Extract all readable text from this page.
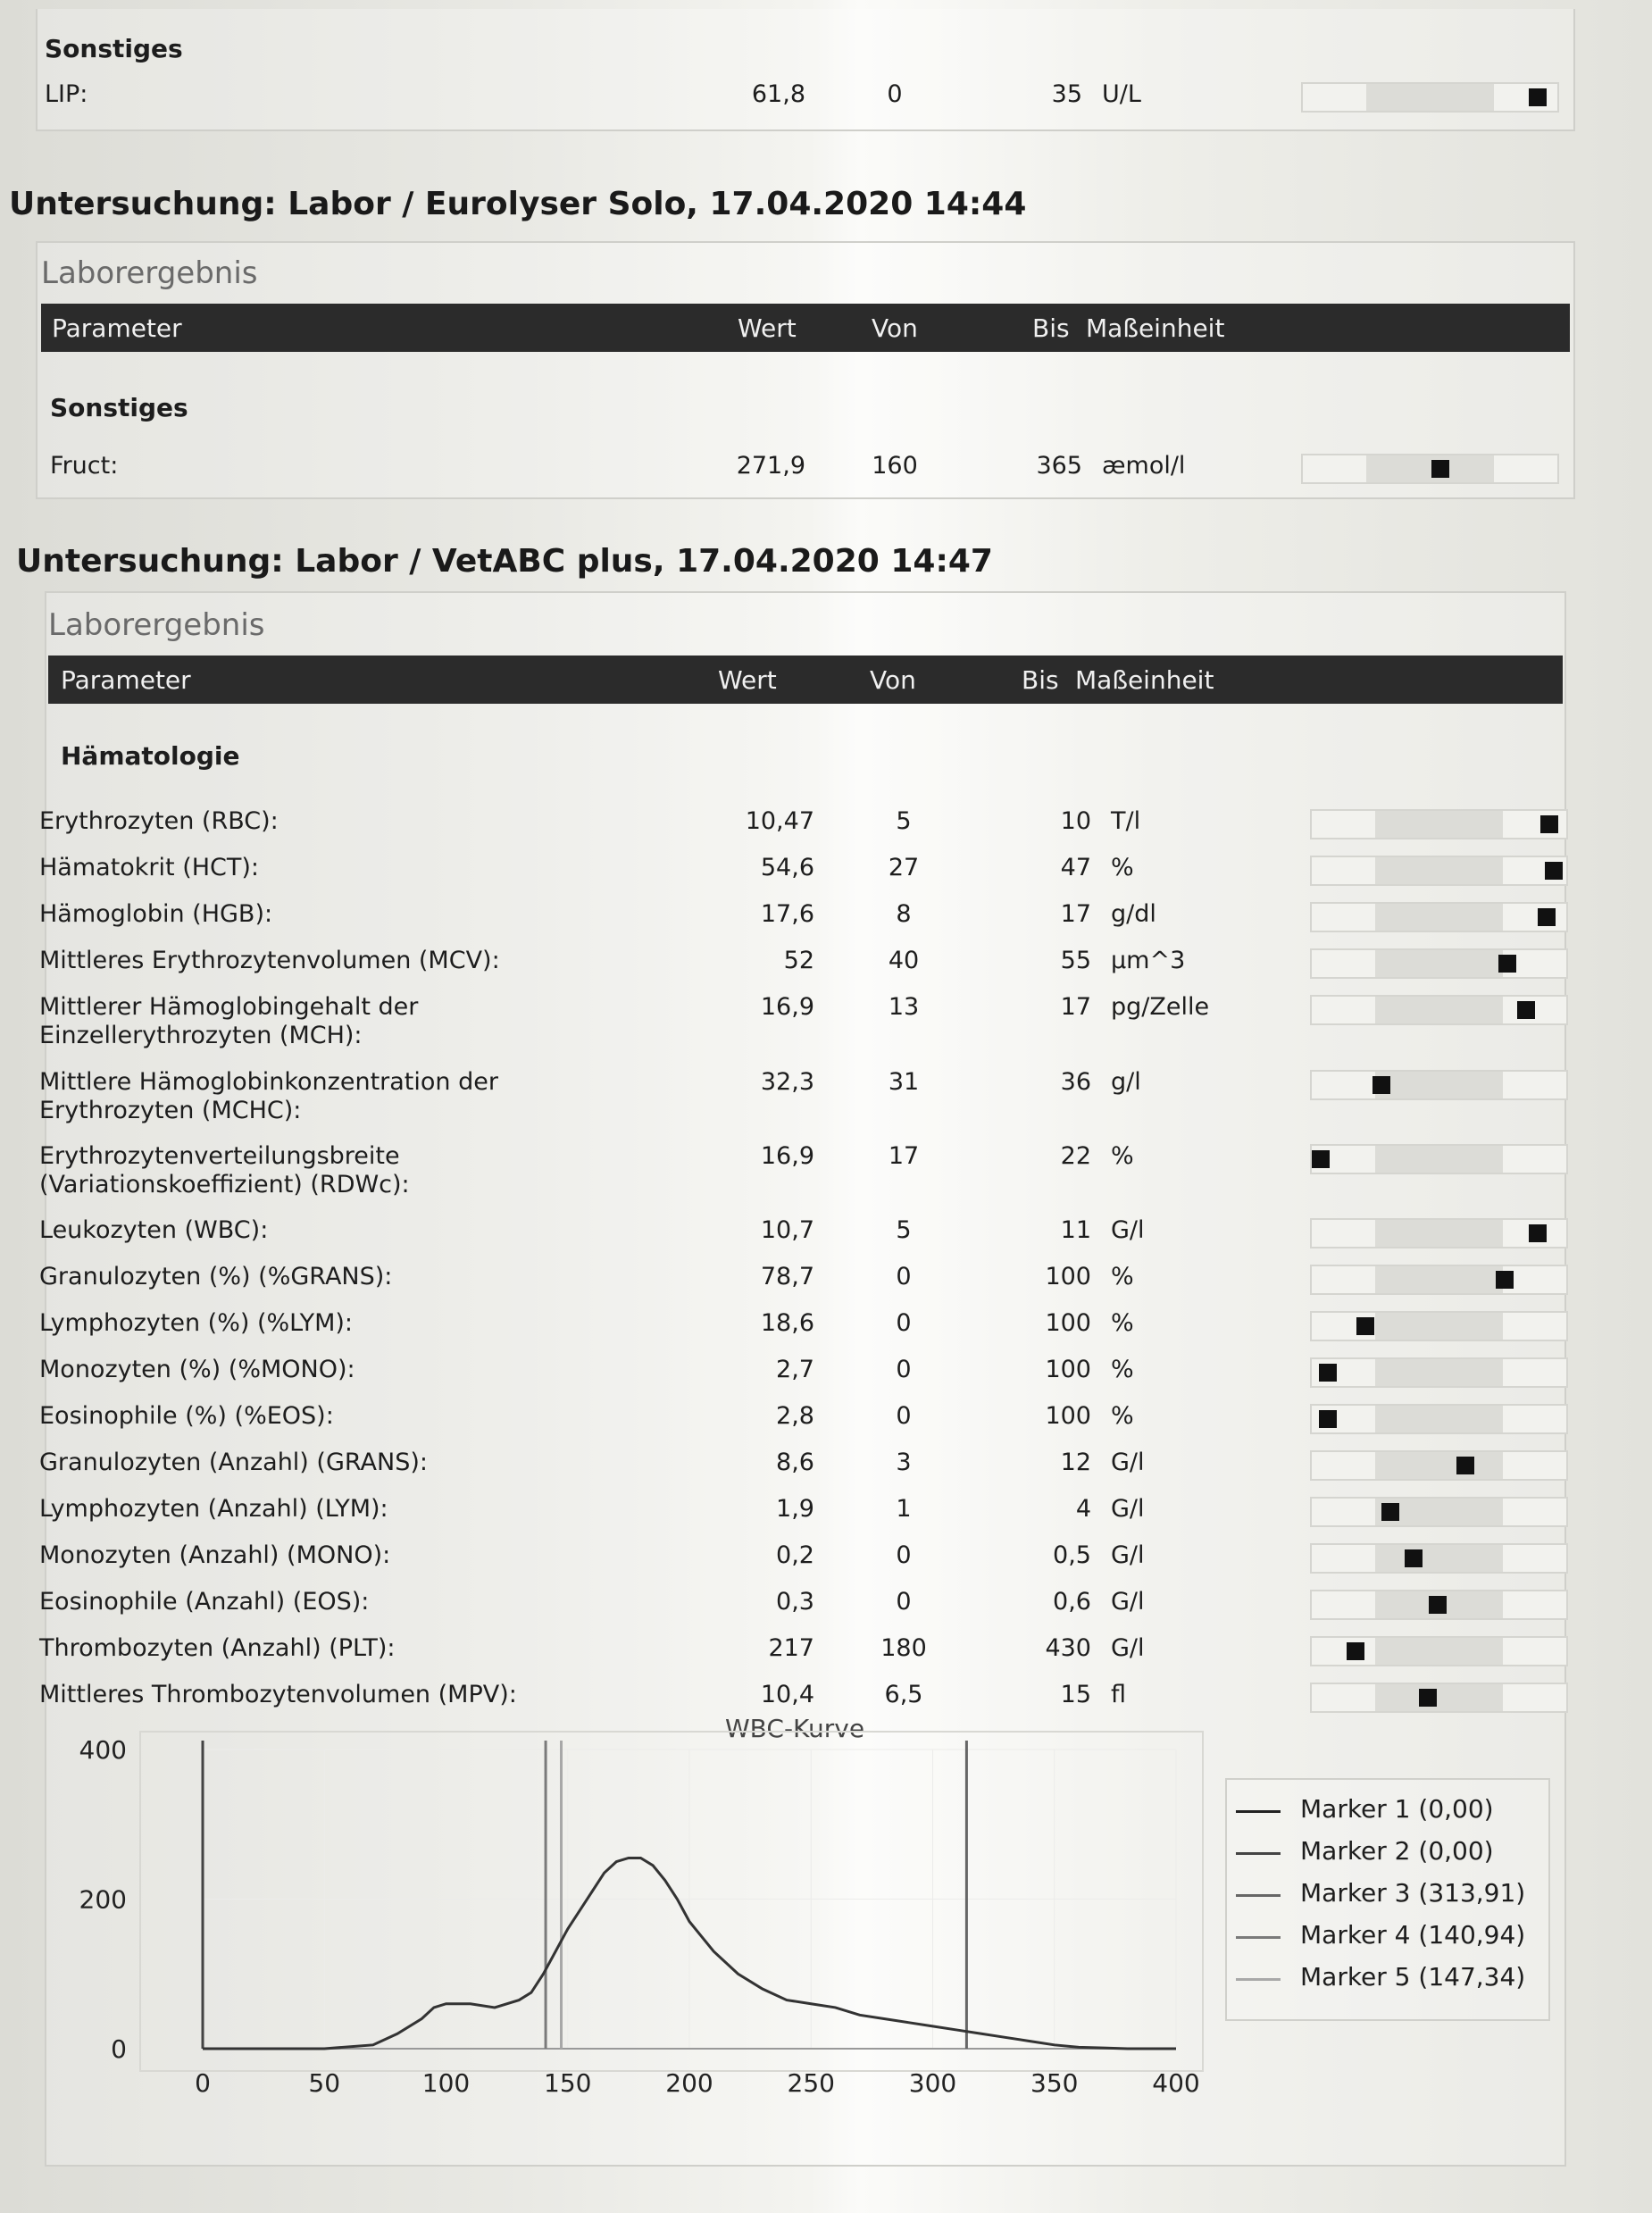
Sonstiges
LIP:	61,8	0	35 U/L
Untersuchung: Labor / Eurolyser Solo, 17.04.2020 14:44
Laborergebnis
Parameter	Wert	Von	Bis Maßeinheit
Sonstiges
Fruct:	271,9	160	365 æmol/l
Untersuchung: Labor / VetABC plus, 17.04.2020 14:47
Laborergebnis
Parameter	Wert	Von	Bis Maßeinheit
Hämatologie
Erythrozyten (RBC):	10,47	5	10 T/l
Hämatokrit (HCT):	54,6	27	47 %
Hämoglobin (HGB):	17,6	8	17 g/dl
Mittleres Erythrozytenvolumen (MCV):	52	40	55 µm^3
Mittlerer Hämoglobingehalt der Einzellerythrozyten (MCH):
16,9	13	17 pg/Zelle
Mittlere Hämoglobinkonzentration der Erythrozyten (MCHC):
32,3	31	36 g/l
Erythrozytenverteilungsbreite (Variationskoeffizient) (RDWc):
16,9	17	22 %
Leukozyten (WBC):	10,7	5	11 G/l
Granulozyten (%) (%GRANS):	78,7	0	100 %
Lymphozyten (%) (%LYM):	18,6	0	100 %
Monozyten (%) (%MONO):	2,7	0	100 %
Eosinophile (%) (%EOS):	2,8	0	100 %
Granulozyten (Anzahl) (GRANS):	8,6	3	12 G/l
Lymphozyten (Anzahl) (LYM):	1,9	1	4 G/l
Monozyten (Anzahl) (MONO):	0,2	0	0,5 G/l
Eosinophile (Anzahl) (EOS):	0,3	0	0,6 G/l
Thrombozyten (Anzahl) (PLT):	217	180	430 G/l
Mittleres Thrombozytenvolumen (MPV):	10,4	6,5	15 fl
WBC-Kurve
0	50	100	150	200	250	300	350	400
400
200
0
Marker 1 (0,00)
Marker 2 (0,00)
Marker 3 (313,91)
Marker 4 (140,94)
Marker 5 (147,34)
